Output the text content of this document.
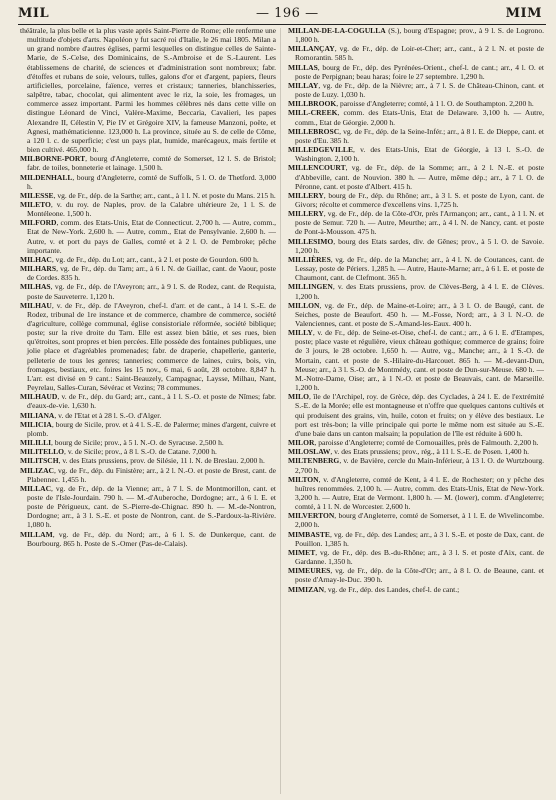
MIL	— 196 —	MIM

théâtrale, la plus belle et la plus vaste après Saint-Pierre de Rome; elle renferme une multitude d'objets d'arts. Napoléon y fut sacré roi d'Italie, le 26 mai 1805. Milan a un grand nombre d'autres églises, parmi lesquelles on distingue celles de Sainte-Marie, de S.-Celse, des Dominicains, de S.-Ambroise et de S.-Laurent. Les établissemens de charité, de sciences et d'administration sont nombreux; fabr. d'étoffes et rubans de soie, velours, tulles, galons d'or et d'argent, papiers, fleurs artificielles, porcelaine, faïence, verres et cristaux; tanneries, blanchisseries, salpêtre, tabac, chocolat, qui alimentent avec le riz, la soie, les fromages, un commerce assez important. Parmi les hommes célèbres nés dans cette ville on distingue Léonard de Vinci, Valère-Maxime, Beccaria, Cavalieri, les papes Alexandre II, Célestin V, Pie IV et Grégoire XIV, la fameuse Manzoni, poëte, et Agnesi, mathématicienne. 123,000 h. La province, située au S. de celle de Côme, a 120 l. c. de superficie; c'est un pays plat, humide, marécageux, mais fertile et bien cultivé. 465,000 h.

MILBORNE-PORT, bourg d'Angleterre, comté de Somerset, 12 l. S. de Bristol; fabr. de toiles, bonneterie et lainage. 1,500 h.

MILDENHALL, bourg d'Angleterre, comté de Suffolk, 5 l. O. de Thetford. 3,000 h.

MILESSE, vg. de Fr., dép. de la Sarthe; arr., cant., à 1 l. N. et poste du Mans. 215 h.

MILETO, v. du roy. de Naples, prov. de la Calabre ultérieure 2e, 1 l. S. de Montéleone. 1,500 h.

MILFORD, comm. des Etats-Unis, Etat de Connecticut. 2,700 h. — Autre, comm., Etat de New-York. 2,600 h. — Autre, comm., Etat de Pensylvanie. 2,600 h. — Autre, v. et port du pays de Galles, comté et à 2 l. O. de Pembroke; pêche importante.

MILHAC, vg. de Fr., dép. du Lot; arr., cant., à 2 l. et poste de Gourdon. 600 h.

MILHARS, vg. de Fr., dép. du Tarn; arr., à 6 l. N. de Gaillac, cant. de Vaour, poste de Cordes. 835 h.

MILHAS, vg. de Fr., dép. de l'Aveyron; arr., à 9 l. S. de Rodez, cant. de Requista, poste de Sauveterre. 1,120 h.

MILHAU, v. de Fr., dép. de l'Aveyron, chef-l. d'arr. et de cant., à 14 l. S.-E. de Rodez, tribunal de 1re instance et de commerce, chambre de commerce, société d'agriculture, collège communal, église consistoriale réformée, société biblique; poste; sur la rive droite du Tarn. Elle est assez bien bâtie, et ses rues, bien qu'étroites, sont propres et bien percées. Elle possède des fontaines publiques, une jolie place et d'agréables promenades; fabr. de draperie, chapellerie, ganterie, pelleterie de tous les genres; tanneries; commerce de laines, cuirs, bois, vin, fromages, bestiaux, etc. foires les 15 nov., 6 mai, 6 août, 28 octobre. 8,847 h. L'arr. est divisé en 9 cant.: Saint-Beauzely, Campagnac, Laysse, Milhau, Nant, Peyrelau, Salles-Curan, Sévérac et Vezins; 78 communes.

MILHAUD, v. de Fr., dép. du Gard; arr., cant., à 1 l. S.-O. et poste de Nîmes; fabr. d'eaux-de-vie. 1,630 h.

MILIANA, v. de l'Etat et à 28 l. S.-O. d'Alger.

MILICIA, bourg de Sicile, prov. et à 4 l. S.-E. de Palerme; mines d'argent, cuivre et plomb.

MILILLI, bourg de Sicile; prov., à 5 l. N.-O. de Syracuse. 2,500 h.

MILITELLO, v. de Sicile; prov., à 8 l. S.-O. de Catane. 7,000 h.

MILITSCH, v. des Etats prussiens, prov. de Silésie, 11 l. N. de Breslau. 2,000 h.

MILIZAC, vg. de Fr., dép. du Finistère; arr., à 2 l. N.-O. et poste de Brest, cant. de Plabennec. 1,455 h.

MILLAC, vg. de Fr., dép. de la Vienne; arr., à 7 l. S. de Montmorillon, cant. et poste de l'Isle-Jourdain. 790 h. — M.-d'Auberoche, Dordogne; arr., à 6 l. E. et poste de Périgueux, cant. de S.-Pierre-de-Chignac. 890 h. — M.-de-Nontron, Dordogne; arr., à 3 l. S.-E. et poste de Nontron, cant. de S.-Pardoux-la-Rivière. 1,080 h.

MILLAM, vg. de Fr., dép. du Nord; arr., à 6 l. S. de Dunkerque, cant. de Bourbourg. 865 h. Poste de S.-Omer (Pas-de-Calais).

MILLAN-DE-LA-COGULLA (S.), bourg d'Espagne; prov., à 9 l. S. de Logrono. 1,800 h.

MILLANÇAY, vg. de Fr., dép. de Loir-et-Cher; arr., cant., à 2 l. N. et poste de Romorantin. 585 h.

MILLAS, bourg de Fr., dép. des Pyrénées-Orient., chef-l. de cant.; arr., 4 l. O. et poste de Perpignan; beau haras; foire le 27 septembre. 1,290 h.

MILLAY, vg. de Fr., dép. de la Nièvre; arr., à 7 l. S. de Château-Chinon, cant. et poste de Luzy. 1,030 h.

MILLBROOK, paroisse d'Angleterre; comté, à 1 l. O. de Southampton. 2,200 h.

MILL-CREEK, comm. des Etats-Unis, Etat de Delaware. 3,100 h. — Autre, comm., Etat de Géorgie. 2,000 h.

MILLEBROSC, vg. de Fr., dép. de la Seine-Infér.; arr., à 8 l. E. de Dieppe, cant. et poste d'Eu. 385 h.

MILLEDGEVILLE, v. des Etats-Unis, Etat de Géorgie, à 13 l. S.-O. de Washington. 2,100 h.

MILLENCOURT, vg. de Fr., dép. de la Somme; arr., à 2 l. N.-E. et poste d'Abbeville, cant. de Nouvion. 380 h. — Autre, même dép.; arr., à 7 l. O. de Péronne, cant. et poste d'Albert. 415 h.

MILLERY, bourg de Fr., dép. du Rhône; arr., à 3 l. S. et poste de Lyon, cant. de Givors; récolte et commerce d'excellens vins. 1,725 h.

MILLERY, vg. de Fr., dép. de la Côte-d'Or, près l'Armançon; arr., cant., à 1 l. N. et poste de Semur. 720 h. — Autre, Meurthe; arr., à 4 l. N. de Nancy, cant. et poste de Pont-à-Mousson. 475 h.

MILLESIMO, bourg des Etats sardes, div. de Gênes; prov., à 5 l. O. de Savoie. 1,200 h.

MILLIÈRES, vg. de Fr., dép. de la Manche; arr., à 4 l. N. de Coutances, cant. de Lessay, poste de Périers. 1,285 h. — Autre, Haute-Marne; arr., à 6 l. E. et poste de Chaumont, cant. de Clefmont. 365 h.

MILLINGEN, v. des Etats prussiens, prov. de Clèves-Berg, à 4 l. E. de Clèves. 1,200 h.

MILLON, vg. de Fr., dép. de Maine-et-Loire; arr., à 3 l. O. de Baugé, cant. de Seiches, poste de Beaufort. 450 h. — M.-Fosse, Nord; arr., à 3 l. N.-O. de Valenciennes, cant. et poste de S.-Amand-les-Eaux. 400 h.

MILLY, v. de Fr., dép. de Seine-et-Oise, chef-l. de cant.; arr., à 6 l. E. d'Etampes, poste; place vaste et régulière, vieux château gothique; commerce de grains; foire de 3 jours, le 28 octobre. 1,650 h. — Autre, vg., Manche; arr., à 1 S.-O. de Mortain, cant. et poste de S.-Hilaire-du-Harcouet. 865 h. — M.-devant-Dun, Meuse; arr., à 3 l. S.-O. de Montmédy, cant. et poste de Dun-sur-Meuse. 680 h. — M.-Notre-Dame, Oise; arr., à 1 N.-O. et poste de Beauvais, cant. de Marseille. 1,200 h.

MILO, île de l'Archipel, roy. de Grèce, dép. des Cyclades, à 24 l. E. de l'extrémité S.-E. de la Morée; elle est montagneuse et n'offre que quelques cantons cultivés et qui produisent des grains, vin, huile, coton et fruits; on y élève des bestiaux. Le port est très-bon; la ville principale qui porte le même nom est située au S.-E. d'une baie dans un canton malsain; la population de l'île est réduite à 600 h.

MILOR, paroisse d'Angleterre; comté de Cornouailles, près de Falmouth. 2,200 h.

MILOSLAW, v. des Etats prussiens; prov., rég., à 11 l. S.-E. de Posen. 1,400 h.

MILTENBERG, v. de Bavière, cercle du Main-Inférieur, à 13 l. O. de Wurtzbourg. 2,700 h.

MILTON, v. d'Angleterre, comté de Kent, à 4 l. E. de Rochester; on y pêche des huîtres renommées. 2,100 h. — Autre, comm. des Etats-Unis, Etat de New-York. 3,200 h. — Autre, Etat de Vermont. 1,800 h. — M. (lower), comm. d'Angleterre; comté, à 1 l. N. de Worcester. 2,600 h.

MILVERTON, bourg d'Angleterre, comté de Somerset, à 1 l. E. de Wivelincombe. 2,000 h.

MIMBASTE, vg. de Fr., dép. des Landes; arr., à 3 l. S.-E. et poste de Dax, cant. de Pouillon. 1,385 h.

MIMET, vg. de Fr., dép. des B.-du-Rhône; arr., à 3 l. S. et poste d'Aix, cant. de Gardanne. 1,350 h.

MIMEURES, vg. de Fr., dép. de la Côte-d'Or; arr., à 8 l. O. de Beaune, cant. et poste d'Arnay-le-Duc. 390 h.

MIMIZAN, vg. de Fr., dép. des Landes, chef-l. de cant.;
